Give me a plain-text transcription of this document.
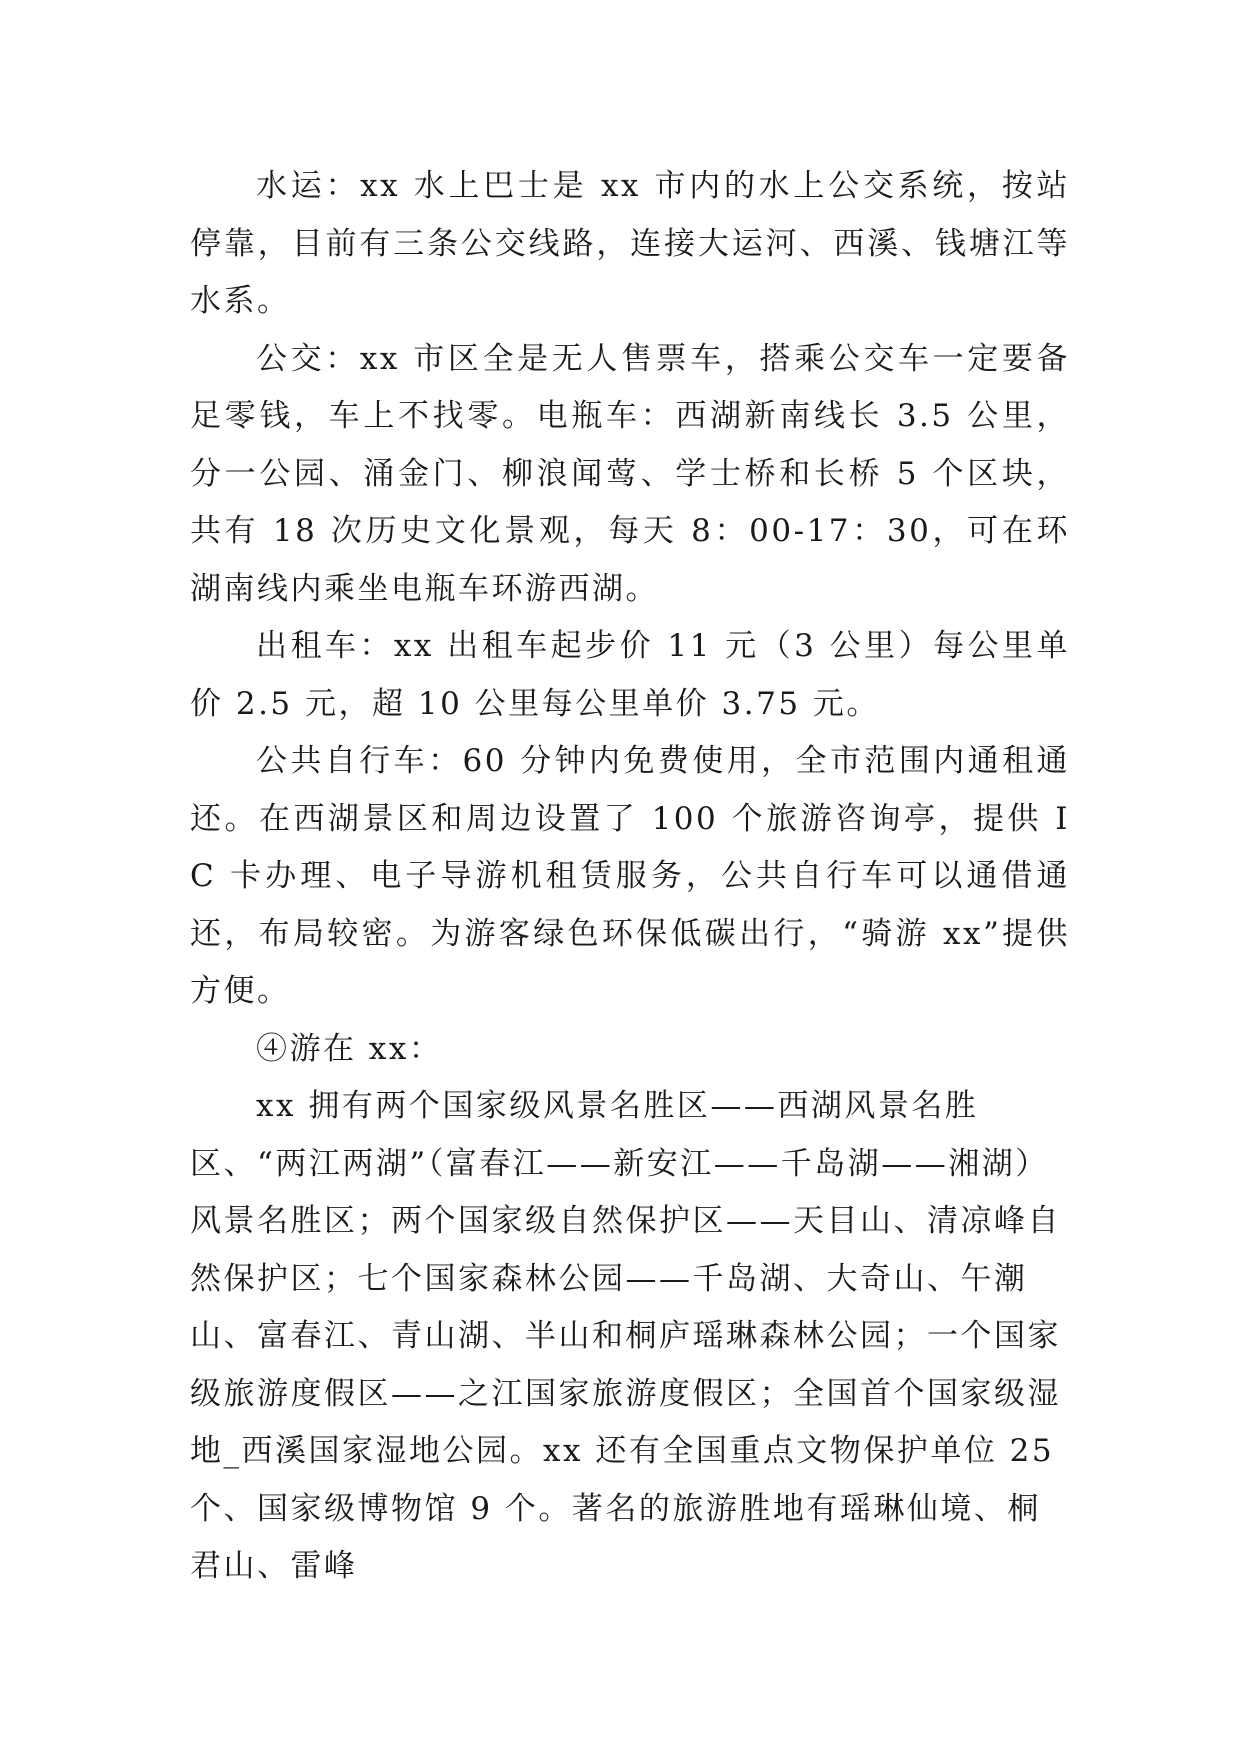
水运：xx 水上巴士是 xx 市内的水上公交系统，按站停靠，目前有三条公交线路，连接大运河、西溪、钱塘江等水系。

公交：xx 市区全是无人售票车，搭乘公交车一定要备足零钱，车上不找零。电瓶车：西湖新南线长 3.5 公里，分一公园、涌金门、柳浪闻莺、学士桥和长桥 5 个区块，共有 18 次历史文化景观，每天 8：00-17：30，可在环湖南线内乘坐电瓶车环游西湖。

出租车：xx 出租车起步价 11 元（3 公里）每公里单价 2.5 元，超 10 公里每公里单价 3.75 元。

公共自行车：60 分钟内免费使用，全市范围内通租通还。在西湖景区和周边设置了 100 个旅游咨询亭，提供 IC 卡办理、电子导游机租赁服务，公共自行车可以通借通还，布局较密。为游客绿色环保低碳出行，“骑游 xx”提供方便。

④游在 xx：

xx 拥有两个国家级风景名胜区——西湖风景名胜区、“两江两湖”（富春江——新安江——千岛湖——湘湖）风景名胜区；两个国家级自然保护区——天目山、清凉峰自然保护区；七个国家森林公园——千岛湖、大奇山、午潮山、富春江、青山湖、半山和桐庐瑶琳森林公园；一个国家级旅游度假区——之江国家旅游度假区；全国首个国家级湿地_西溪国家湿地公园。xx 还有全国重点文物保护单位 25 个、国家级博物馆 9 个。著名的旅游胜地有瑶琳仙境、桐君山、雷峰
